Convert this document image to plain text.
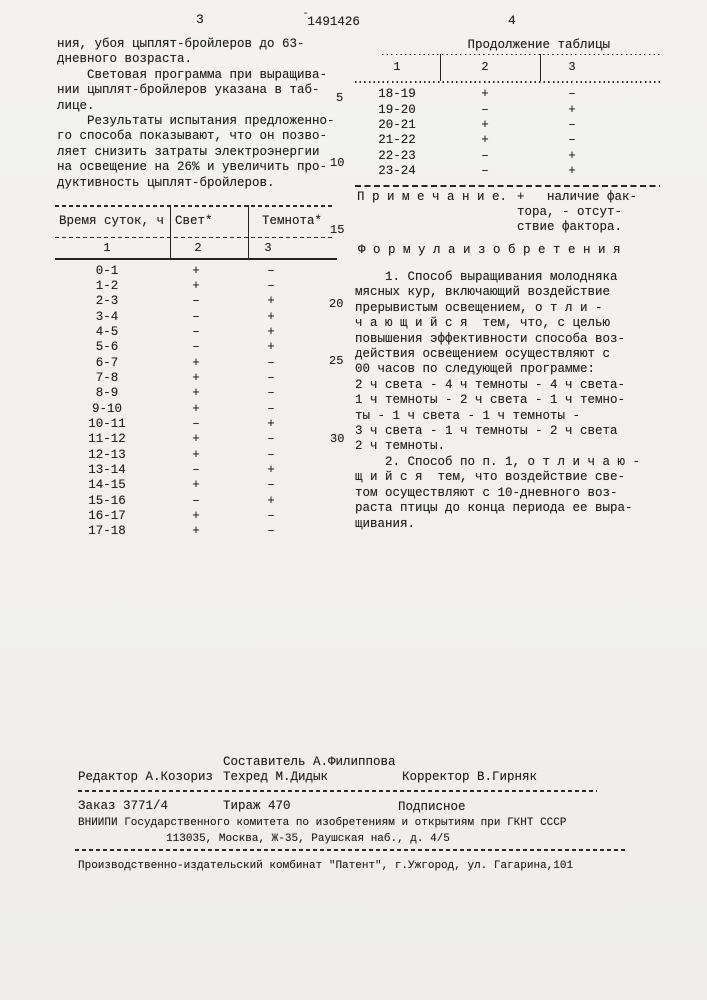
3	˜1491426	4
5
10
15
20
25
30
ния, убоя цыплят-бройлеров до 63-
дневного возраста.
Световая программа при выращива-
нии цыплят-бройлеров указана в таб-
лице.
Результаты испытания предложенно-
го способа показывают, что он позво-
ляет снизить затраты электроэнергии
на освещение на 26% и увеличить про-
дуктивность цыплят-бройлеров.
Время суток, ч Свет*	Темнота*
1	2	3
0-1	+	–
1-2	+	–
2-3	–	+
3-4	–	+
4-5	–	+
5-6	–	+
6-7	+	–
7-8	+	–
8-9	+	–
9-10	+	–
10-11	–	+
11-12	+	–
12-13	+	–
13-14	–	+
14-15	+	–
15-16	–	+
16-17	+	–
17-18	+	–
Продолжение таблицы
1	2	3
18-19	+	–
19-20	–	+
20-21	+	–
21-22	+	–
22-23	–	+
23-24	–	+
П р и м е ч а н и е. +   наличие фак-
тора, - отсут-
ствие фактора.
Ф о р м у л а и з о б р е т е н и я
1. Способ выращивания молодняка
мясных кур, включающий воздействие
прерывистым освещением, о т л и -
ч а ю щ и й с я  тем, что, с целью
повышения эффективности способа воз-
действия освещением осуществляют с
00 часов по следующей программе:
2 ч света - 4 ч темноты - 4 ч света-
1 ч темноты - 2 ч света - 1 ч темно-
ты - 1 ч света - 1 ч темноты -
3 ч света - 1 ч темноты - 2 ч света
2 ч темноты.
2. Способ по п. 1, о т л и ч а ю -
щ и й с я  тем, что воздействие све-
том осуществляют с 10-дневного воз-
раста птицы до конца периода ее выра-
щивания.
Составитель А.Филиппова
Редактор А.Козориз Техред М.Дидык	Корректор В.Гирняк
Заказ 3771/4	Тираж 470	Подписное
ВНИИПИ Государственного комитета по изобретениям и открытиям при ГКНТ СССР
113035, Москва, Ж-35, Раушская наб., д. 4/5
Производственно-издательский комбинат "Патент", г.Ужгород, ул. Гагарина,101
